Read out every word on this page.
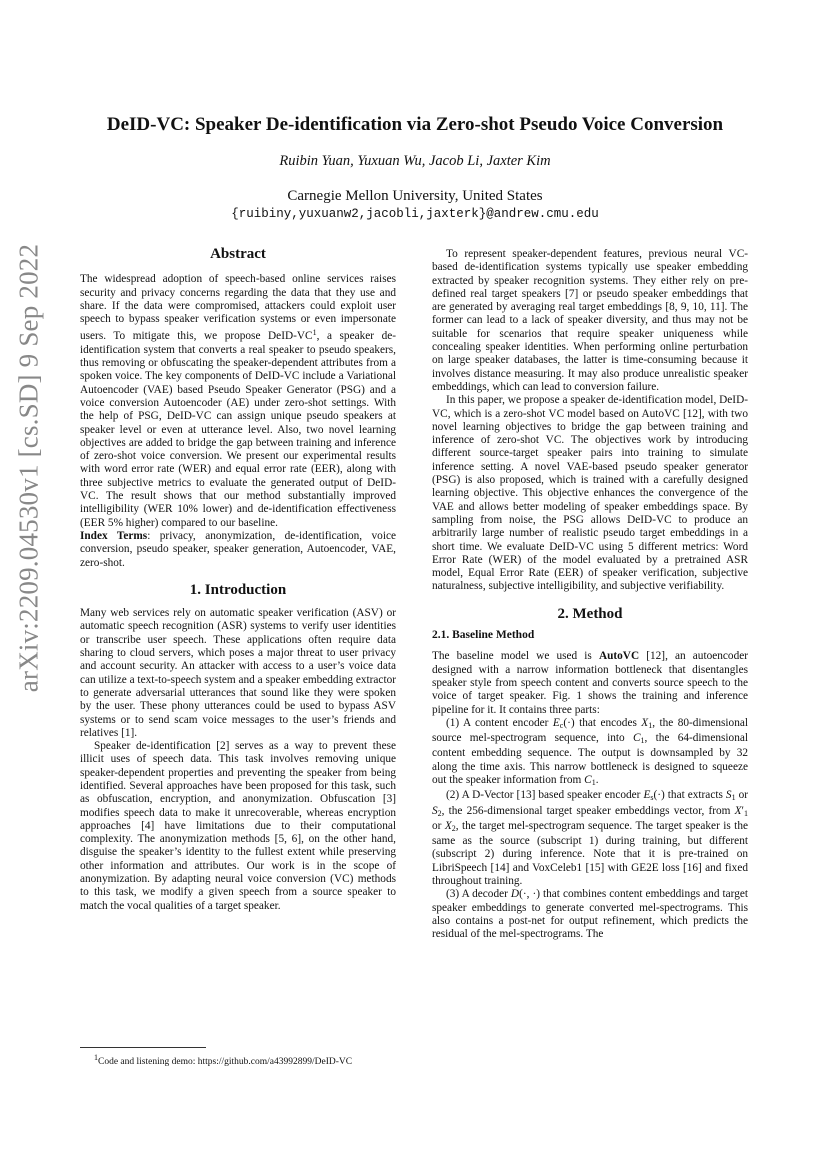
arXiv:2209.04530v1 [cs.SD] 9 Sep 2022
DeID-VC: Speaker De-identification via Zero-shot Pseudo Voice Conversion
Ruibin Yuan, Yuxuan Wu, Jacob Li, Jaxter Kim
Carnegie Mellon University, United States
{ruibiny,yuxuanw2,jacobli,jaxterk}@andrew.cmu.edu
Abstract

The widespread adoption of speech-based online services raises security and privacy concerns regarding the data that they use and share. If the data were compromised, attackers could exploit user speech to bypass speaker verification systems or even impersonate users. To mitigate this, we propose DeID-$VC^1$, a speaker de-identification system that converts a real speaker to pseudo speakers, thus removing or obfuscating the speaker-dependent attributes from a spoken voice. The key components of DeID-VC include a Variational Autoencoder (VAE) based Pseudo Speaker Generator (PSG) and a voice conversion Autoencoder (AE) under zero-shot settings. With the help of PSG, DeID-VC can assign unique pseudo speakers at speaker level or even at utterance level. Also, two novel learning objectives are added to bridge the gap between training and inference of zero-shot voice conversion. We present our experimental results with word error rate (WER) and equal error rate (EER), along with three subjective metrics to evaluate the generated output of DeID-VC. The result shows that our method substantially improved intelligibility (WER 10% lower) and de-identification effectiveness (EER 5% higher) compared to our baseline.

Index Terms: privacy, anonymization, de-identification, voice conversion, pseudo speaker, speaker generation, Autoencoder, VAE, zero-shot.

1. Introduction

Many web services rely on automatic speaker verification (ASV) or automatic speech recognition (ASR) systems to verify user identities or transcribe user speech. These applications often require data sharing to cloud servers, which poses a major threat to user privacy and account security. An attacker with access to a user’s voice data can utilize a text-to-speech system and a speaker embedding extractor to generate adversarial utterances that sound like they were spoken by the user. These phony utterances could be used to bypass ASV systems or to send scam voice messages to the user’s friends and relatives [1].

Speaker de-identification [2] serves as a way to prevent these illicit uses of speech data. This task involves removing unique speaker-dependent properties and preventing the speaker from being identified. Several approaches have been proposed for this task, such as obfuscation, encryption, and anonymization. Obfuscation [3] modifies speech data to make it unrecoverable, whereas encryption approaches [4] have limitations due to their computational complexity. The anonymization methods [5, 6], on the other hand, disguise the speaker’s identity to the fullest extent while preserving other information and attributes. Our work is in the scope of anonymization. By adapting neural voice conversion (VC) methods to this task, we modify a given speech from a source speaker to match the vocal qualities of a target speaker.

$^1$Code and listening demo: https://github.com/a43992899/DeID-VC

To represent speaker-dependent features, previous neural VC-based de-identification systems typically use speaker embedding extracted by speaker recognition systems. They either rely on pre-defined real target speakers [7] or pseudo speaker embeddings that are generated by averaging real target embeddings [8, 9, 10, 11]. The former can lead to a lack of speaker diversity, and thus may not be suitable for scenarios that require speaker uniqueness while concealing speaker identities. When performing online perturbation on large speaker databases, the latter is time-consuming because it involves distance measuring. It may also produce unrealistic speaker embeddings, which can lead to conversion failure.

In this paper, we propose a speaker de-identification model, DeID-VC, which is a zero-shot VC model based on AutoVC [12], with two novel learning objectives to bridge the gap between training and inference of zero-shot VC. The objectives work by introducing different source-target speaker pairs into training to simulate inference setting. A novel VAE-based pseudo speaker generator (PSG) is also proposed, which is trained with a carefully designed learning objective. This objective enhances the convergence of the VAE and allows better modeling of speaker embeddings space. By sampling from noise, the PSG allows DeID-VC to produce an arbitrarily large number of realistic pseudo target embeddings in a short time. We evaluate DeID-VC using 5 different metrics: Word Error Rate (WER) of the model evaluated by a pretrained ASR model, Equal Error Rate (EER) of speaker verification, subjective naturalness, subjective intelligibility, and subjective verifiability.

2. Method
2.1. Baseline Method

The baseline model we used is AutoVC [12], an autoencoder designed with a narrow information bottleneck that disentangles speaker style from speech content and converts source speech to the voice of target speaker. Fig. 1 shows the training and inference pipeline for it. It contains three parts:

(1) A content encoder $E_c(\cdot)$ that encodes $X_1$, the 80-dimensional source mel-spectrogram sequence, into $C_1$, the 64-dimensional content embedding sequence. The output is downsampled by 32 along the time axis. This narrow bottleneck is designed to squeeze out the speaker information from $C_1$.

(2) A D-Vector [13] based speaker encoder $E_s(\cdot)$ that extracts $S_1$ or $S_2$, the 256-dimensional target speaker embeddings vector, from $X'_1$ or $X_2$, the target mel-spectrogram sequence. The target speaker is the same as the source (subscript 1) during training, but different (subscript 2) during inference. Note that it is pre-trained on LibriSpeech [14] and VoxCeleb1 [15] with GE2E loss [16] and fixed throughout training.

(3) A decoder D(·, ·) that combines content embeddings and target speaker embeddings to generate converted mel-spectrograms. This also contains a post-net for output refinement, which predicts the residual of the mel-spectrograms. The
